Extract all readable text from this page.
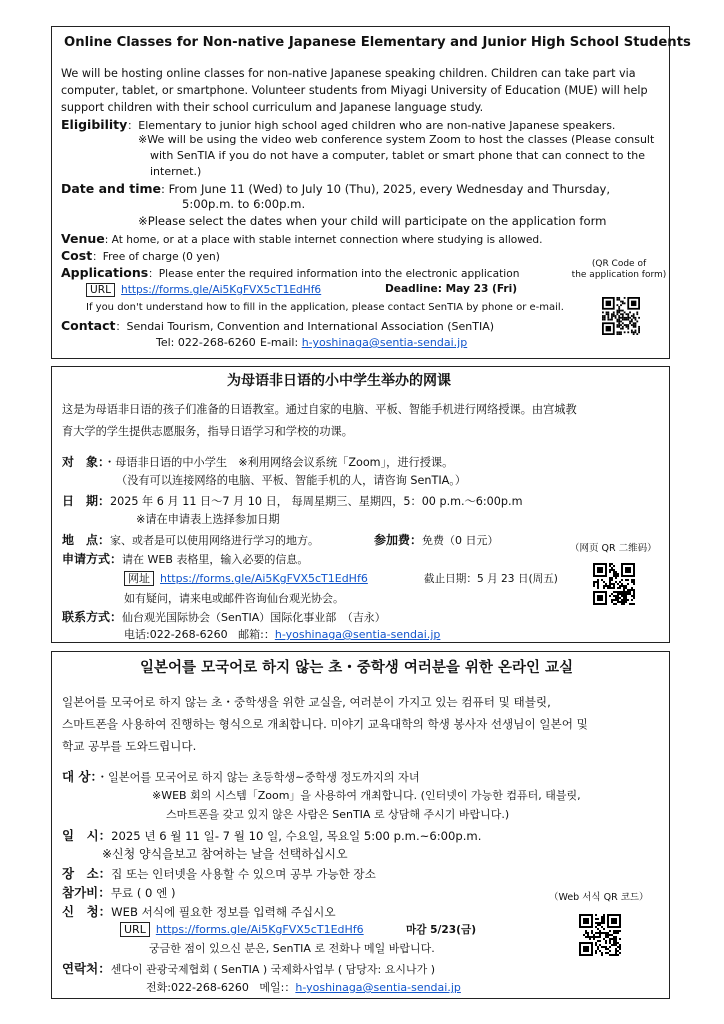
Online Classes for Non-native Japanese Elementary and Junior High School Students
We will be hosting online classes for non-native Japanese speaking children. Children can take part via
computer, tablet, or smartphone. Volunteer students from Miyagi University of Education (MUE) will help
support children with their school curriculum and Japanese language study.
Eligibility：Elementary to junior high school aged children who are non-native Japanese speakers.
※We will be using the video web conference system Zoom to host the classes (Please consult
with SenTIA if you do not have a computer, tablet or smart phone that can connect to the
internet.)
Date and time: From June 11 (Wed) to July 10 (Thu), 2025, every Wednesday and Thursday,
5:00p.m. to 6:00p.m.
※Please select the dates when your child will participate on the application form
Venue: At home, or at a place with stable internet connection where studying is allowed.
Cost：Free of charge (0 yen)
Applications：Please enter the required information into the electronic application
URL https://forms.gle/Ai5KgFVX5cT1EdHf6	Deadline: May 23 (Fri)
If you don't understand how to fill in the application, please contact SenTIA by phone or e-mail.
Contact：Sendai Tourism, Convention and International Association (SenTIA)
Tel: 022-268-6260 E-mail: h-yoshinaga@sentia-sendai.jp
(QR Code of
the application form)
为母语非日语的小中学生举办的网课
这是为母语非日语的孩子们准备的日语教室。通过自家的电脑、平板、智能手机进行网络授课。由宫城教
育大学的学生提供志愿服务，指导日语学习和学校的功课。
对　象：・母语非日语的中小学生　※利用网络会议系统「Zoom」，进行授课。
（没有可以连接网络的电脑、平板、智能手机的人，请咨询 SenTIA。）
日　期：2025 年 6 月 11 日～7 月 10 日， 每周星期三、星期四，5：00 p.m.～6:00p.m
※请在申请表上选择参加日期
地　点：家、或者是可以使用网络进行学习的地方。	参加费：免费（0 日元）
（网页 QR 二维码）
申请方式：请在 WEB 表格里，输入必要的信息。
网址 https://forms.gle/Ai5KgFVX5cT1EdHf6	截止日期：5 月 23 日(周五)
如有疑问，请来电或邮件咨询仙台观光协会。
联系方式：仙台观光国际协会（SenTIA）国际化事业部　（吉永）
电话:022-268-6260 邮箱:：h-yoshinaga@sentia-sendai.jp
일본어를 모국어로 하지 않는 초・중학생 여러분을 위한 온라인 교실
일본어를 모국어로 하지 않는 초・중학생을 위한 교실을, 여러분이 가지고 있는 컴퓨터 및 태블릿,
스마트폰을 사용하여 진행하는 형식으로 개최합니다. 미야기 교육대학의 학생 봉사자 선생님이 일본어 및
학교 공부를 도와드립니다.
대 상：・일본어를 모국어로 하지 않는 초등학생~중학생 정도까지의 자녀
※WEB 회의 시스템「Zoom」을 사용하여 개최합니다. (인터넷이 가능한 컴퓨터, 태블릿,
스마트폰을 갖고 있지 않은 사람은 SenTIA 로 상담해 주시기 바랍니다.)
일　시：2025 년 6 월 11 일- 7 월 10 일, 수요일, 목요일 5:00 p.m.~6:00p.m.
※신청 양식을보고 참여하는 날을 선택하십시오
장　소：집 또는 인터넷을 사용할 수 있으며 공부 가능한 장소
참가비：무료 ( 0 엔 )	（Web 서식 QR 코드）
신　청：WEB 서식에 필요한 정보를 입력해 주십시오
URL https://forms.gle/Ai5KgFVX5cT1EdHf6	마감 5/23(금)
궁금한 점이 있으신 분은, SenTIA 로 전화나 메일 바랍니다.
연락처：센다이 관광국제협회 ( SenTIA ) 국제화사업부 ( 담당자: 요시나가 )
전화:022-268-6260 메일:：h-yoshinaga@sentia-sendai.jp
